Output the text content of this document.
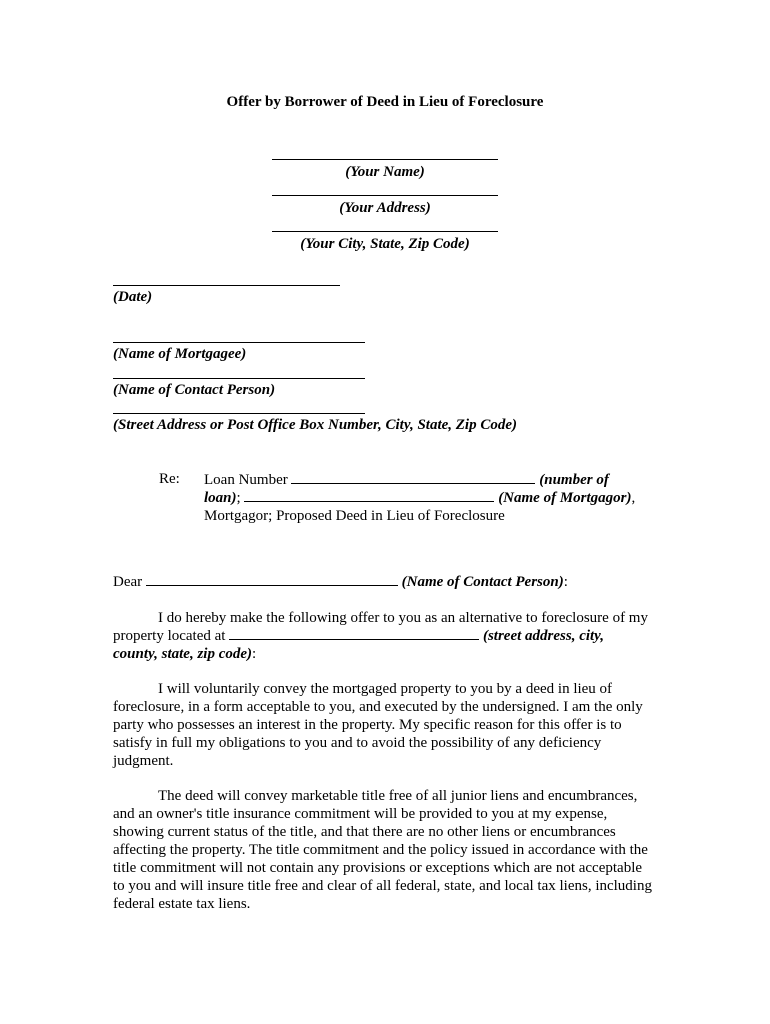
Offer by Borrower of Deed in Lieu of Foreclosure
(Your Name)
(Your Address)
(Your City, State, Zip Code)
(Date)
(Name of Mortgagee)
(Name of Contact Person)
(Street Address or Post Office Box Number, City, State, Zip Code)
Re: Loan Number	(number of
loan);	(Name of Mortgagor),
Mortgagor; Proposed Deed in Lieu of Foreclosure
Dear	(Name of Contact Person):
I do hereby make the following offer to you as an alternative to foreclosure of my
property located at	(street address, city,
county, state, zip code):
I will voluntarily convey the mortgaged property to you by a deed in lieu of
foreclosure, in a form acceptable to you, and executed by the undersigned. I am the only
party who possesses an interest in the property. My specific reason for this offer is to
satisfy in full my obligations to you and to avoid the possibility of any deficiency
judgment.
The deed will convey marketable title free of all junior liens and encumbrances,
and an owner's title insurance commitment will be provided to you at my expense,
showing current status of the title, and that there are no other liens or encumbrances
affecting the property. The title commitment and the policy issued in accordance with the
title commitment will not contain any provisions or exceptions which are not acceptable
to you and will insure title free and clear of all federal, state, and local tax liens, including
federal estate tax liens.
